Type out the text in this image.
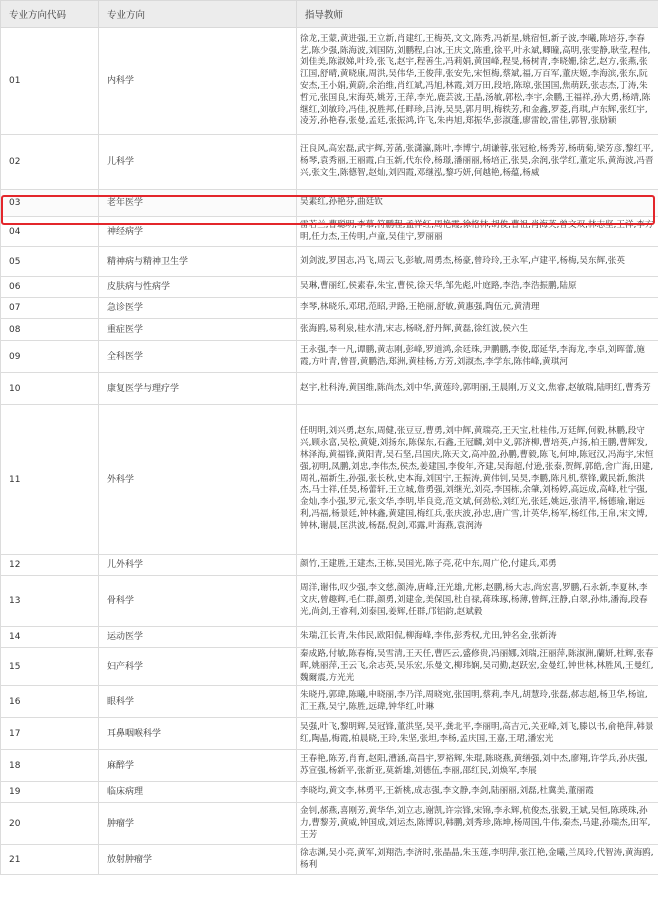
专业方向代码	专业方向	指导教师
01	内科学	徐龙,王蒙,黄进强,王立新,肖建红,王梅英,文文,陈秀,冯新星,姚宿恒,新子波,李曦,陈培芬,李春艺,陈少强,陈海波,刘国防,刘鹏程,白冰,王庆文,陈重,徐平,叶永斌,卿瞳,高明,张雯静,耿莹,程伟,刘佳美,陈淑娣,叶玲,张飞,赵宇,程善生,冯莉娟,黄国峰,程旻,杨树青,李晓姗,徐艺,赵方,张燕,张江国,舒晴,黄晓康,周洪,吴伟华,王俊萍,张安先,宋恒梅,蔡斌,福,万百军,董庆姬,李海滨,张东,阮安杰,王小娟,黄蔚,余治维,肖红斌,冯旭,林霞,刘万田,段培,陈琼,张国国,焦萌跃,张志杰,丁涛,朱哲元,张国良,宋海英,姚芳,王萍,李光,鹿芸波,王晶,汤敏,郭松,李宇,余鹏,王福祥,孙大勇,杨靖,陈继红,刘敏玲,冯佳,祝胜邦,任畔珍,吕涛,吴昊,郭月明,梅轶芳,和金鑫,罗菱,肖琪,卢东辉,张红宇,凌芳,孙艳春,张曼,孟廷,张振鸿,许飞,朱冉旭,郑振华,彭淑蓬,廖雷皎,雷佳,郭智,张励颖
02	儿科学	汪良风,高宏磊,武宇辉,芳菡,张潇瀛,陈叶,李博宁,胡谦蓉,张冠枪,杨秀芳,杨萌菊,梁芳彦,黎红平,杨琴,袁秀丽,王丽霞,白玉新,代东伶,杨璟,潘丽丽,杨培正,张昊,余润,张学红,董定乐,黄海波,冯晋兴,张文生,陈德智,赵灿,刘四霞,邓继泓,黎巧妍,何越艳,杨蕴,杨威
03	老年医学	吴素红,孙艳芬,曲廷钦
04	神经病学	雷若兰,曹聪明,李慕,符鹏程,孟祥红,周艳霞,徐格林,胡俊,曹祖,肖海英,曾文双,林志坚,王洋,李方明,任力杰,王传明,卢童,吴佳宁,罗丽丽
05	精神病与精神卫生学	刘剑波,罗国志,冯飞,周云飞,彭敏,周勇杰,杨豪,曾玲玲,王永军,卢建平,杨梅,吴东辉,张英
06	皮肤病与性病学	吴琳,曹丽红,侯素春,朱宝,曹侯,徐天华,邹先彪,叶庭路,李浩,李浩振鹏,陆原
07	急诊医学	李琴,林晓乐,邓珺,范昭,尹路,王艳丽,舒敏,黄惠强,陶伍元,黄清理
08	重症医学	张海鸥,易利泉,桂水清,宋志,杨晓,舒丹辉,黄磊,徐红波,侯六生
09	全科医学	王永强,李一凡,谭鹏,黄志刚,彭峰,罗道鸿,余廷珠,尹鹏鹏,李俊,邸延华,李海龙,李卓,刘晖蕾,施霞,方叶青,曾晋,黄鹏浩,郑洲,黄桂杨,方芳,刘淑杰,李学东,陈伟峰,黄琪河
10	康复医学与理疗学	赵宇,杜科涛,黄国维,陈尚杰,刘中华,黄莲玲,郭明丽,王晨刚,万义文,焦睿,赵敏瑞,陆明红,曹秀芳
11	外科学	任明明,刘兴勇,赵东,周健,张豆豆,曹勇,刘中辉,黄瑞亮,王天宝,杜桂伟,万廷辉,何毅,林鹏,段守兴,顾永富,吴松,黄婕,刘扬东,陈保东,石鑫,王冠麟,刘中义,郭济柳,曹培英,卢扬,柏王鹏,曹辉发,林泽海,黄福锋,黄阳青,吴石坚,吕国庆,陈天文,高冲盈,孙鹏,曹毅,陈飞,何坤,陈冠汉,冯海宇,宋恒强,初明,凤鹏,刘忠,李伟杰,侯杰,姜建国,李俊年,齐建,吴海超,付逊,张泰,贺辉,郭皓,舍广海,田建,周礼,福新生,孙强,张长秋,史本海,刘国宁,王振涛,黄伟钊,吴昊,李鹏,陈凡机,蔡锋,戴民新,熊洪杰,马士祥,任昊,杨蕾轩,王立城,詹勇强,刘继光,刘亮,李国栋,余肇,刘杨婷,高远成,高峰,杜宁强,金灿,李小强,罗元,张文华,李明,毕良竞,范文斌,何劲松,刘红光,张廷,姚远,张清平,杨德瑜,谢远利,冯福,杨景廷,钟林鑫,黄建国,梅红兵,张庆波,孙忠,唐广雪,计英华,杨军,杨红伟,王帛,宋文博,钟林,谢晨,匡洪波,杨磊,倪剑,邓露,叶海燕,袁润涛
12	儿外科学	颜竹,王建胜,王建杰,王栋,吴国光,陈子亮,花中东,周广伦,付建兵,邓勇
13	骨科学	周洋,谢伟,叹少强,李文慈,颜涛,唐峰,汪光雄,尤彬,赵鹏,杨大志,尚宏喜,罗鹏,石永新,李夏林,李文庆,曾趣辉,毛仁群,颜勇,刘建金,美保国,杜自禄,蒋珠琢,杨薄,曾辉,汪静,白翠,孙炜,潘海,段春光,尚剑,王睿利,刘泰国,姜辉,任群,邝铝韵,赵斌毅
14	运动医学	朱瑞,江长青,朱伟民,欧阳侃,柳海峰,李伟,彭秀权,尤田,钟名金,张新涛
15	妇产科学	秦成路,付敏,陈春梅,吴雪清,王天任,曹匹云,盛修贵,冯丽娜,刘瑞,汪丽萍,陈淑洲,蘭妍,杜辉,张春晖,姚丽萍,王云飞,余志英,吴乐宏,乐曼文,柳玮娴,吴司勤,赵跃宏,金曼红,钟世林,林胜风,王曼红,魏爾震,方光光
16	眼科学	朱晓丹,郭瑋,陈曦,申晓丽,李乃洋,周晓宛,张国明,蔡莉,李凡,胡慧玲,张磊,郝志超,杨卫华,杨谊,汇王燕,吴宁,陈胜,远瑋,钟华红,叶琳
17	耳鼻咽喉科学	吴强,叶飞,黎明辉,吴冠锋,董洪坚,吴平,龚北平,李丽明,高吉元,关亚峰,刘飞,滕以书,俞艳萍,韩景红,陶晶,梅霞,柏晨晓,王玲,朱坚,张坦,李杨,孟庆国,王嘉,王珺,潘宏光
18	麻醉学	王春艳,陈芳,肖育,赵阳,漕涵,高昌宇,罗裕辉,朱琨,陈晓燕,黄缮强,刘中杰,廖翔,许学兵,孙庆强,苏宣强,杨新平,张新亚,莫新雄,刘德伍,李丽,邵红民,刘焕军,李展
19	临床病理	李晓均,黄文李,林勇平,王新桃,成志强,李文静,李剑,陆丽丽,刘磊,杜冀美,董丽霞
20	肿瘤学	金钊,郝燕,喜刚芳,黄华华,刘立志,谢凯,许宗锋,宋锦,李永辉,杭俊杰,张毅,王斌,吴恒,陈瑛珠,孙力,曹黎芳,黄威,钟国成,刘运杰,陈博识,韩鹏,刘秀珍,陈坤,杨周国,牛伟,秦杰,马建,孙瑞杰,田军,王芳
21	放射肿瘤学	徐志渊,吴小亮,黄军,刘翔浩,李济时,张晶晶,朱玉莲,李明萍,张江艳,金曦,兰凤玲,代智涛,黄海鸥,杨利
